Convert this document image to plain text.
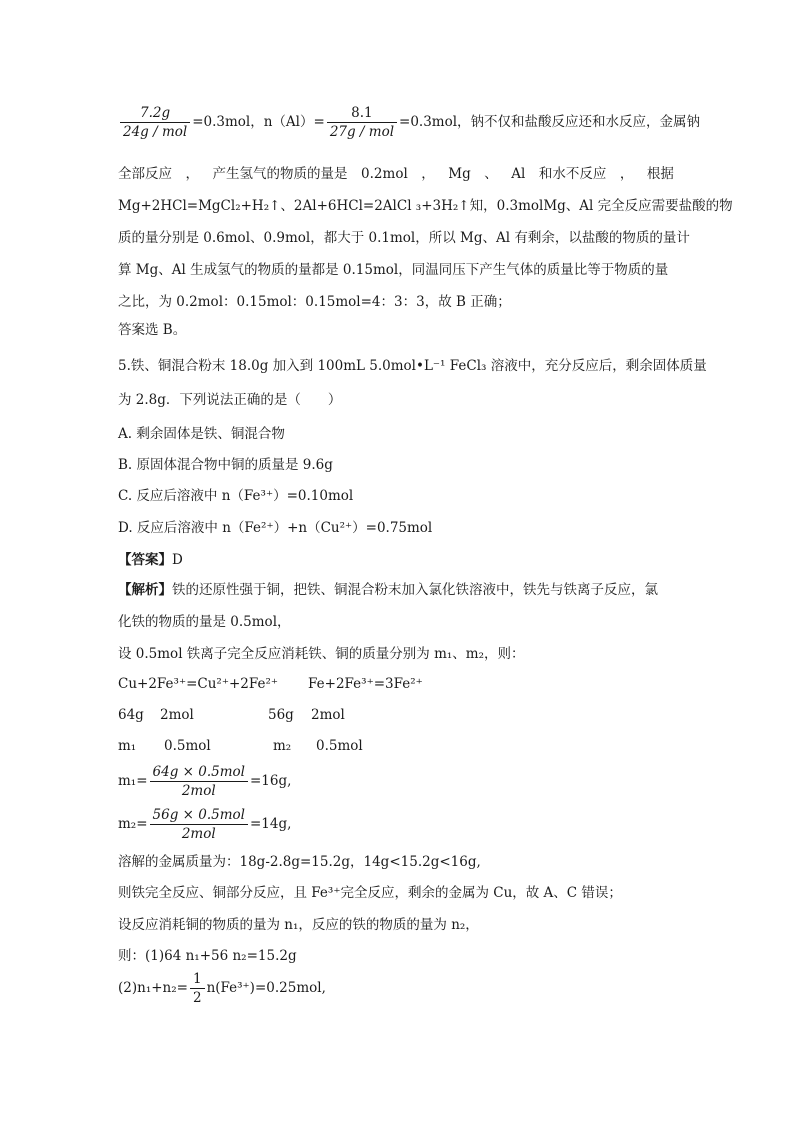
$\frac{7.2g}{\text{24g / mol}} =0.3mol$，$n(Al)= \frac{8.1}{\text{27g / mol}} =0.3mol$，钠不仅和盐酸反应还和水反应，金属钠
全部反应 ， 产生氢气的物质的量是 0.2mol ， Mg 、 Al 和水不反应 ， 根据
Mg+2HCl=MgCl₂+H₂↑、2Al+6HCl=2AlCl ₃+3H₂↑知，0.3molMg、Al 完全反应需要盐酸的物
质的量分别是 0.6mol、0.9mol，都大于 0.1mol，所以 Mg、Al 有剩余，以盐酸的物质的量计
算 Mg、Al 生成氢气的物质的量都是 0.15mol，同温同压下产生气体的质量比等于物质的量
之比，为 0.2mol：0.15mol：0.15mol=4：3：3，故 B 正确；
答案选 B。
5.铁、铜混合粉末 18.0g 加入到 100mL 5.0mol•L⁻¹ FeCl₃ 溶液中，充分反应后，剩余固体质量
为 2.8g．下列说法正确的是（　　）
A. 剩余固体是铁、铜混合物
B. 原固体混合物中铜的质量是 9.6g
C. 反应后溶液中 n（Fe³⁺）=0.10mol
D. 反应后溶液中 n（Fe²⁺）+n（Cu²⁺）=0.75mol
【答案】D
【解析】铁的还原性强于铜，把铁、铜混合粉末加入氯化铁溶液中，铁先与铁离子反应，氯
化铁的物质的量是 0.5mol，
设 0.5mol 铁离子完全反应消耗铁、铜的质量分别为 m₁、m₂，则：
Cu+2Fe³⁺=Cu²⁺+2Fe²⁺ Fe+2Fe³⁺=3Fe²⁺
64g 2mol	56g 2mol
m₁ 0.5mol	m₂ 0.5mol
$m_1= \frac{\text{64g × 0.5mol}}{\text{2mol}} =16g$,
$m_2= \frac{\text{56g × 0.5mol}}{\text{2mol}} =14g$,
溶解的金属质量为：18g-2.8g=15.2g，14g<15.2g<16g,
则铁完全反应、铜部分反应，且 Fe³⁺完全反应，剩余的金属为 Cu，故 A、C 错误；
设反应消耗铜的物质的量为 n₁，反应的铁的物质的量为 n₂，
则：(1)64 n₁+56 n₂=15.2g
$(2)n_1+n_2= \frac{1}{2} n(Fe^{3+})=0.25mol$,
